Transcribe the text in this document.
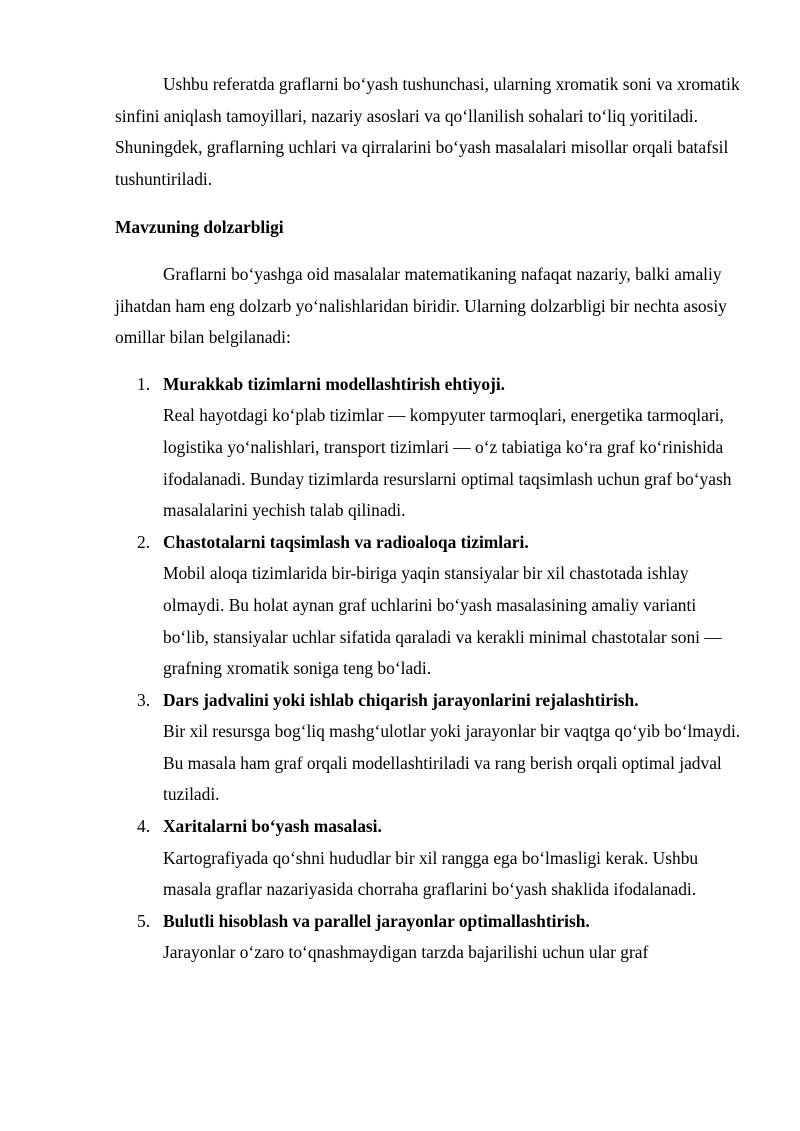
Ushbu referatda graflarni bo‘yash tushunchasi, ularning xromatik soni va xromatik sinfini aniqlash tamoyillari, nazariy asoslari va qo‘llanilish sohalari to‘liq yoritiladi. Shuningdek, graflarning uchlari va qirralarini bo‘yash masalalari misollar orqali batafsil tushuntiriladi.

Mavzuning dolzarbligi

Graflarni bo‘yashga oid masalalar matematikaning nafaqat nazariy, balki amaliy jihatdan ham eng dolzarb yo‘nalishlaridan biridir. Ularning dolzarbligi bir nechta asosiy omillar bilan belgilanadi:

1. Murakkab tizimlarni modellashtirish ehtiyoji.
Real hayotdagi ko‘plab tizimlar — kompyuter tarmoqlari, energetika tarmoqlari, logistika yo‘nalishlari, transport tizimlari — o‘z tabiatiga ko‘ra graf ko‘rinishida ifodalanadi. Bunday tizimlarda resurslarni optimal taqsimlash uchun graf bo‘yash masalalarini yechish talab qilinadi.
2. Chastotalarni taqsimlash va radioaloqa tizimlari.
Mobil aloqa tizimlarida bir-biriga yaqin stansiyalar bir xil chastotada ishlay olmaydi. Bu holat aynan graf uchlarini bo‘yash masalasining amaliy varianti bo‘lib, stansiyalar uchlar sifatida qaraladi va kerakli minimal chastotalar soni — grafning xromatik soniga teng bo‘ladi.
3. Dars jadvalini yoki ishlab chiqarish jarayonlarini rejalashtirish.
Bir xil resursga bog‘liq mashg‘ulotlar yoki jarayonlar bir vaqtga qo‘yib bo‘lmaydi. Bu masala ham graf orqali modellashtiriladi va rang berish orqali optimal jadval tuziladi.
4. Xaritalarni bo‘yash masalasi.
Kartografiyada qo‘shni hududlar bir xil rangga ega bo‘lmasligi kerak. Ushbu masala graflar nazariyasida chorraha graflarini bo‘yash shaklida ifodalanadi.
5. Bulutli hisoblash va parallel jarayonlar optimallashtirish.
Jarayonlar o‘zaro to‘qnashmaydigan tarzda bajarilishi uchun ular graf
